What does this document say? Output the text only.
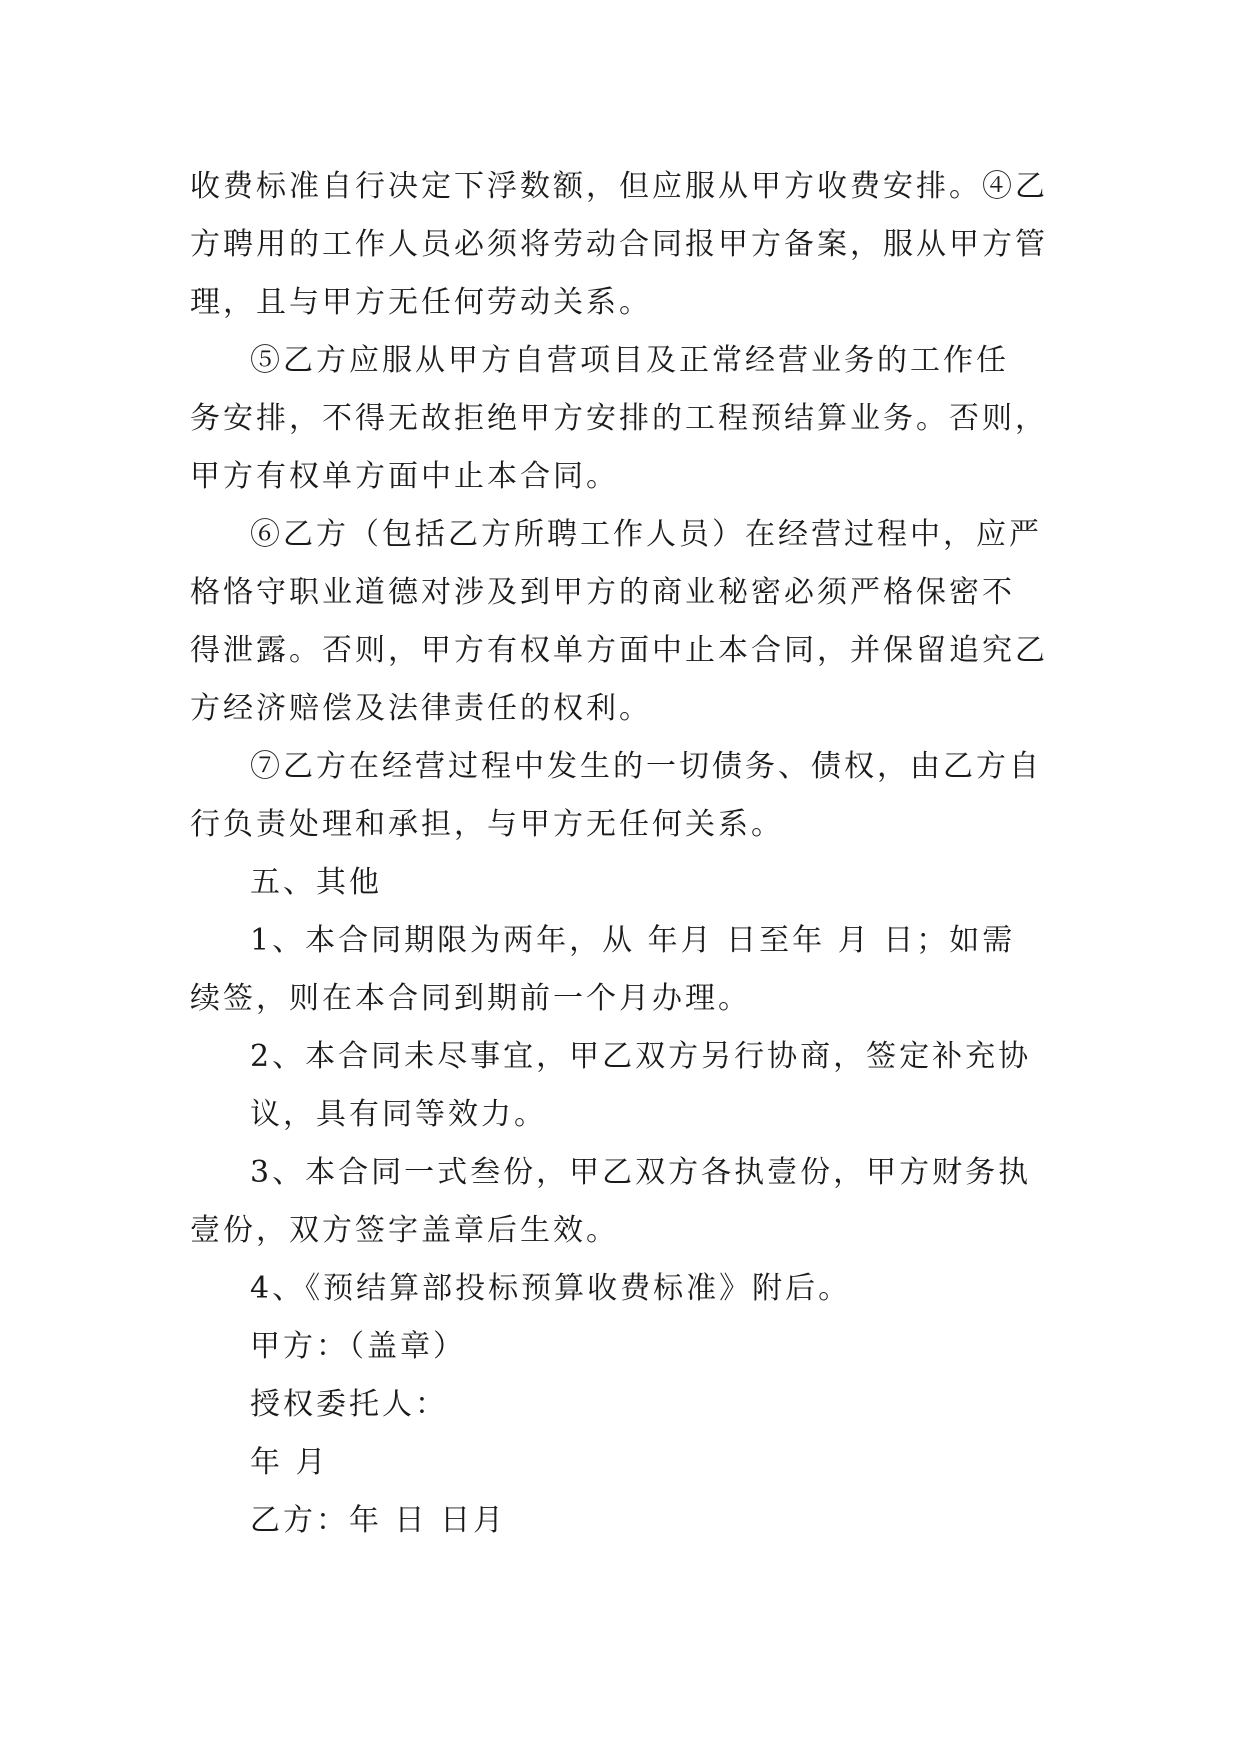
收费标准自行决定下浮数额，但应服从甲方收费安排。④乙
方聘用的工作人员必须将劳动合同报甲方备案，服从甲方管
理，且与甲方无任何劳动关系。
⑤乙方应服从甲方自营项目及正常经营业务的工作任
务安排，不得无故拒绝甲方安排的工程预结算业务。否则，
甲方有权单方面中止本合同。
⑥乙方（包括乙方所聘工作人员）在经营过程中，应严
格恪守职业道德对涉及到甲方的商业秘密必须严格保密不
得泄露。否则，甲方有权单方面中止本合同，并保留追究乙
方经济赔偿及法律责任的权利。
⑦乙方在经营过程中发生的一切债务、债权，由乙方自
行负责处理和承担，与甲方无任何关系。
五、其他
1、本合同期限为两年，从 年月 日至年 月 日；如需
续签，则在本合同到期前一个月办理。
2、本合同未尽事宜，甲乙双方另行协商，签定补充协
议，具有同等效力。
3、本合同一式叁份，甲乙双方各执壹份，甲方财务执
壹份，双方签字盖章后生效。
4、《预结算部投标预算收费标准》附后。
甲方：（盖章）
授权委托人：
年 月
乙方：年 日 日月
